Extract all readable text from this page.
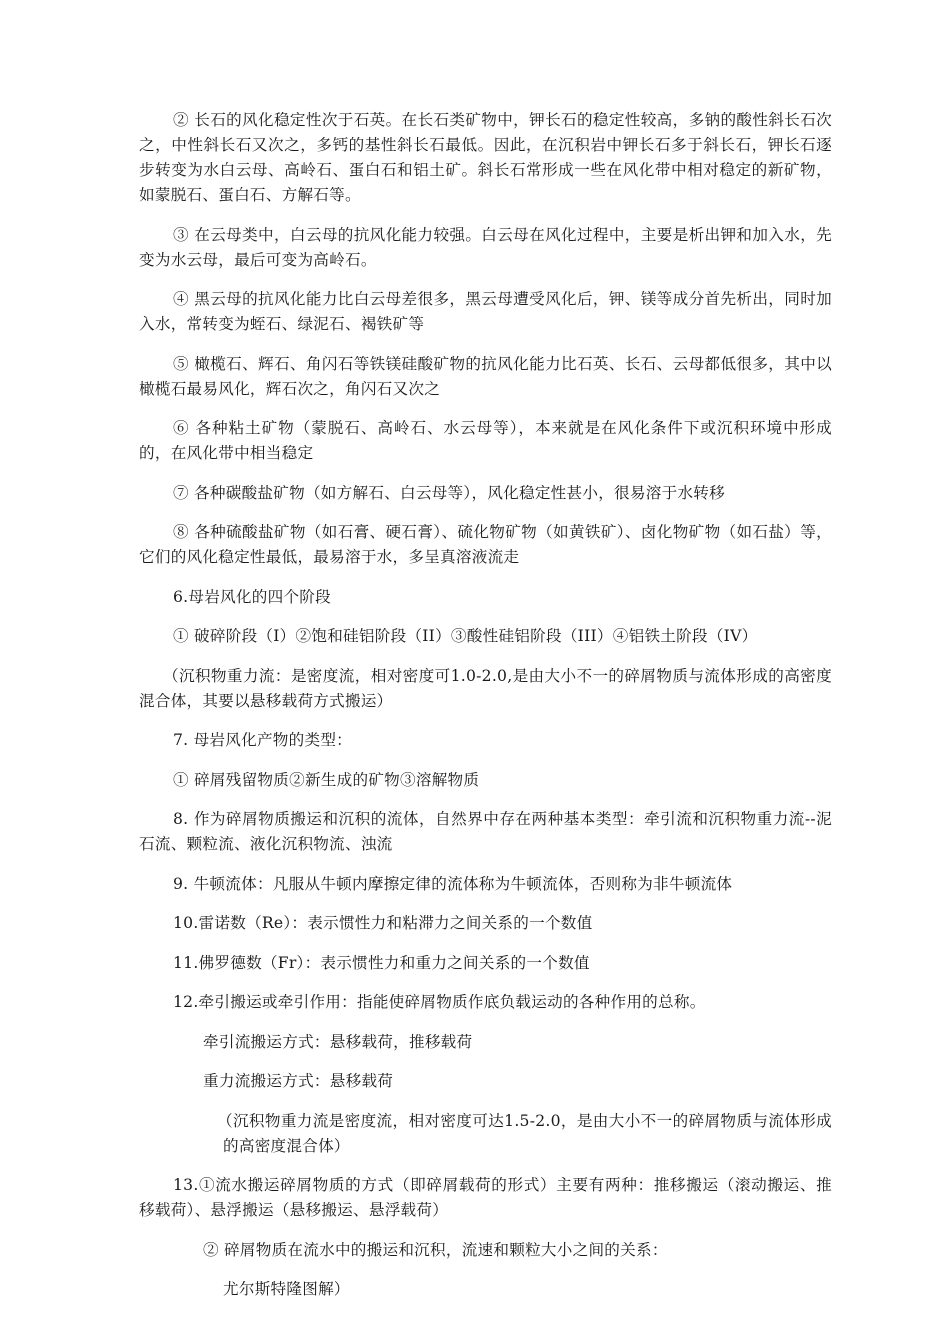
② 长石的风化稳定性次于石英。在长石类矿物中，钾长石的稳定性较高，多钠的酸性斜长石次之，中性斜长石又次之，多钙的基性斜长石最低。因此，在沉积岩中钾长石多于斜长石，钾长石逐步转变为水白云母、高岭石、蛋白石和铝土矿。斜长石常形成一些在风化带中相对稳定的新矿物，如蒙脱石、蛋白石、方解石等。

③ 在云母类中，白云母的抗风化能力较强。白云母在风化过程中，主要是析出钾和加入水，先变为水云母，最后可变为高岭石。

④ 黑云母的抗风化能力比白云母差很多，黑云母遭受风化后，钾、镁等成分首先析出，同时加入水，常转变为蛭石、绿泥石、褐铁矿等

⑤ 橄榄石、辉石、角闪石等铁镁硅酸矿物的抗风化能力比石英、长石、云母都低很多，其中以橄榄石最易风化，辉石次之，角闪石又次之

⑥ 各种粘土矿物（蒙脱石、高岭石、水云母等），本来就是在风化条件下或沉积环境中形成的，在风化带中相当稳定

⑦ 各种碳酸盐矿物（如方解石、白云母等），风化稳定性甚小，很易溶于水转移

⑧ 各种硫酸盐矿物（如石膏、硬石膏）、硫化物矿物（如黄铁矿）、卤化物矿物（如石盐）等，它们的风化稳定性最低，最易溶于水，多呈真溶液流走

6.母岩风化的四个阶段

① 破碎阶段（I）②饱和硅铝阶段（II）③酸性硅铝阶段（III）④铝铁土阶段（IV）

（沉积物重力流：是密度流，相对密度可1.0-2.0,是由大小不一的碎屑物质与流体形成的高密度混合体，其要以悬移载荷方式搬运）

7. 母岩风化产物的类型：

① 碎屑残留物质②新生成的矿物③溶解物质

8. 作为碎屑物质搬运和沉积的流体，自然界中存在两种基本类型：牵引流和沉积物重力流--泥石流、颗粒流、液化沉积物流、浊流

9. 牛顿流体：凡服从牛顿内摩擦定律的流体称为牛顿流体，否则称为非牛顿流体

10.雷诺数（Re）：表示惯性力和粘滞力之间关系的一个数值

11.佛罗德数（Fr）：表示惯性力和重力之间关系的一个数值

12.牵引搬运或牵引作用：指能使碎屑物质作底负载运动的各种作用的总称。

牵引流搬运方式：悬移载荷，推移载荷

重力流搬运方式：悬移载荷

（沉积物重力流是密度流，相对密度可达1.5-2.0，是由大小不一的碎屑物质与流体形成的高密度混合体）

13.①流水搬运碎屑物质的方式（即碎屑载荷的形式）主要有两种：推移搬运（滚动搬运、推移载荷）、悬浮搬运（悬移搬运、悬浮载荷）

② 碎屑物质在流水中的搬运和沉积，流速和颗粒大小之间的关系：

尤尔斯特隆图解）
